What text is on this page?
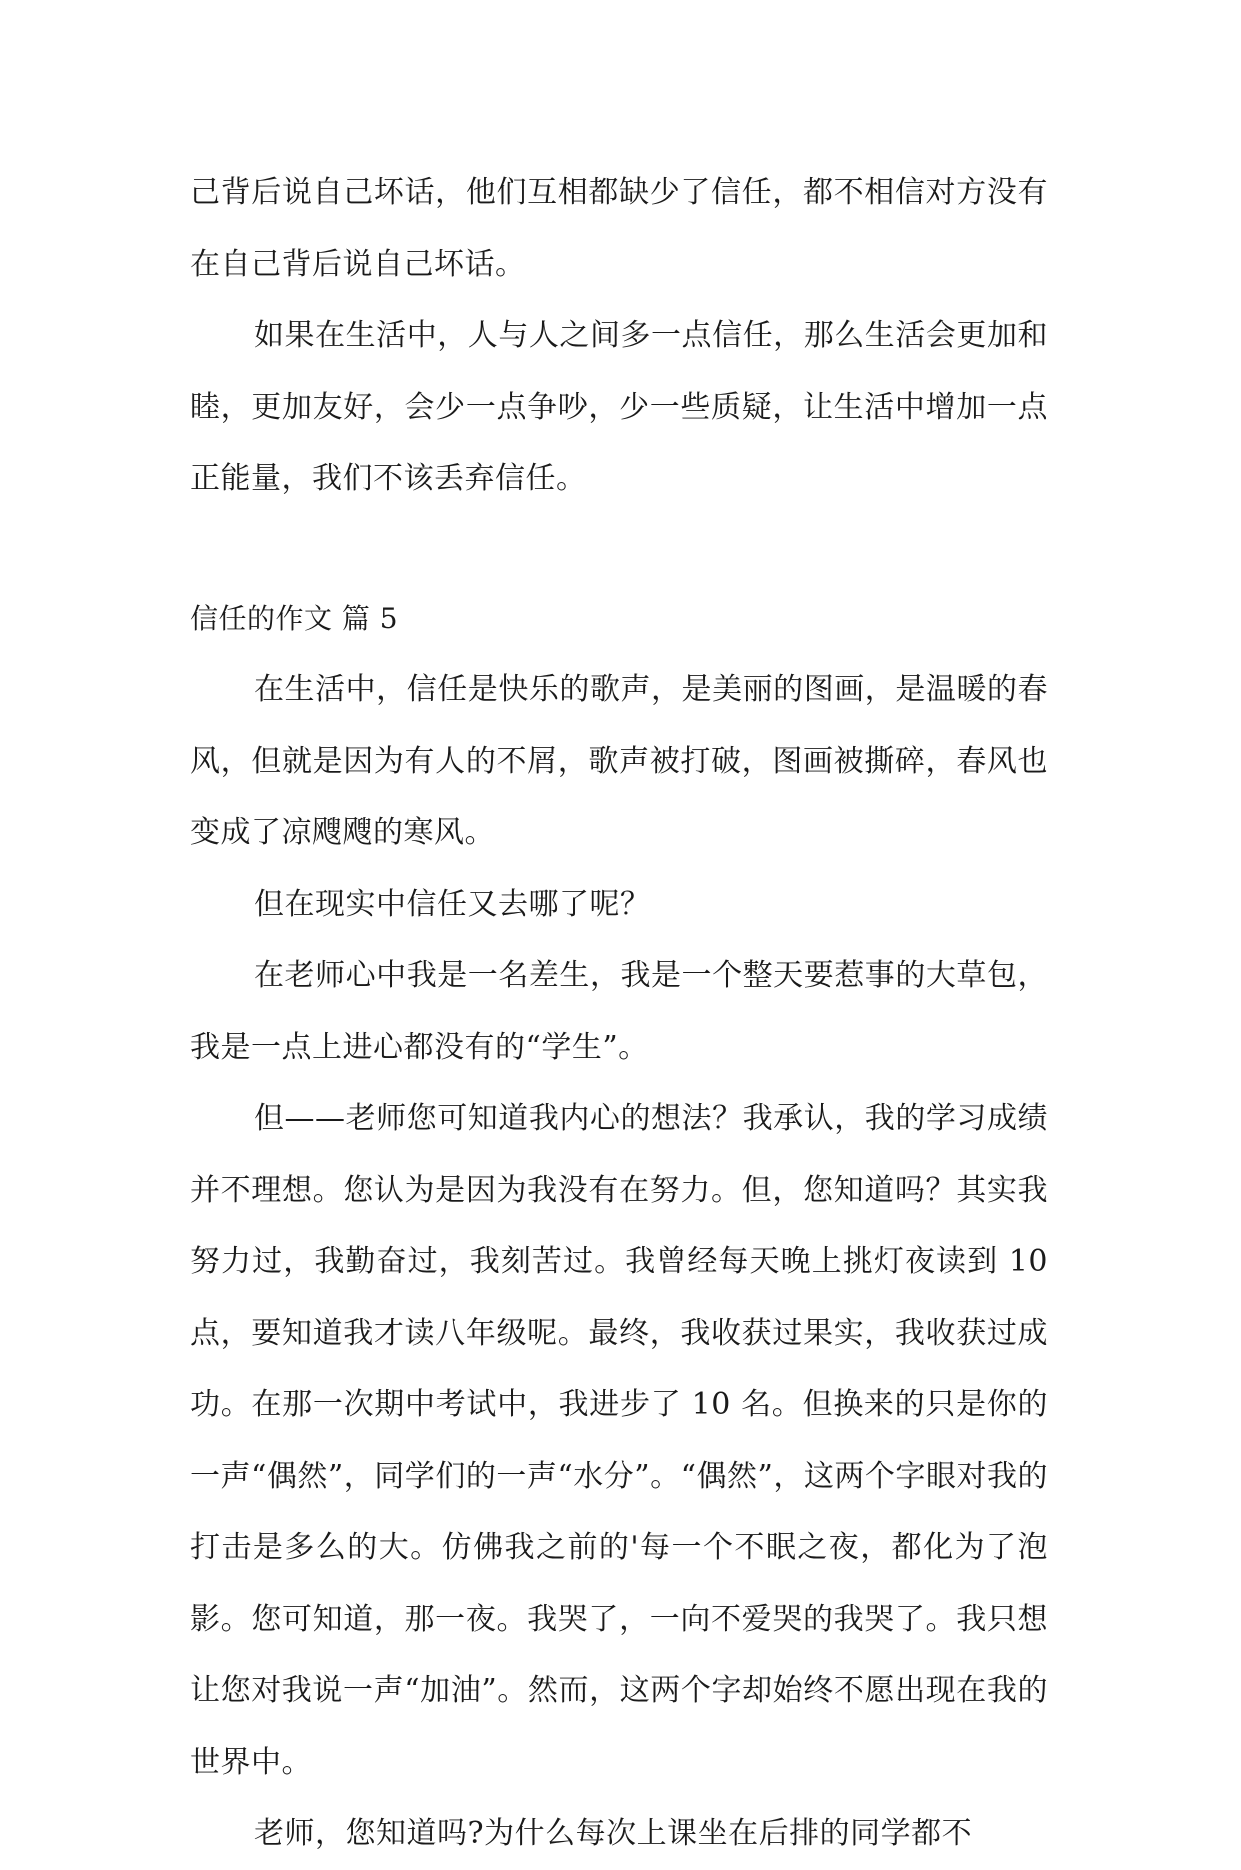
己背后说自己坏话，他们互相都缺少了信任，都不相信对方没有在自己背后说自己坏话。

如果在生活中，人与人之间多一点信任，那么生活会更加和睦，更加友好，会少一点争吵，少一些质疑，让生活中增加一点正能量，我们不该丢弃信任。

信任的作文 篇 5

在生活中，信任是快乐的歌声，是美丽的图画，是温暖的春风，但就是因为有人的不屑，歌声被打破，图画被撕碎，春风也变成了凉飕飕的寒风。

但在现实中信任又去哪了呢？

在老师心中我是一名差生，我是一个整天要惹事的大草包，我是一点上进心都没有的“学生”。

但——老师您可知道我内心的想法？我承认，我的学习成绩并不理想。您认为是因为我没有在努力。但，您知道吗？其实我努力过，我勤奋过，我刻苦过。我曾经每天晚上挑灯夜读到 10 点，要知道我才读八年级呢。最终，我收获过果实，我收获过成功。在那一次期中考试中，我进步了 10 名。但换来的只是你的一声“偶然”，同学们的一声“水分”。“偶然”，这两个字眼对我的打击是多么的大。仿佛我之前的'每一个不眠之夜，都化为了泡影。您可知道，那一夜。我哭了，一向不爱哭的我哭了。我只想让您对我说一声“加油”。然而，这两个字却始终不愿出现在我的世界中。

老师，您知道吗?为什么每次上课坐在后排的同学都不
